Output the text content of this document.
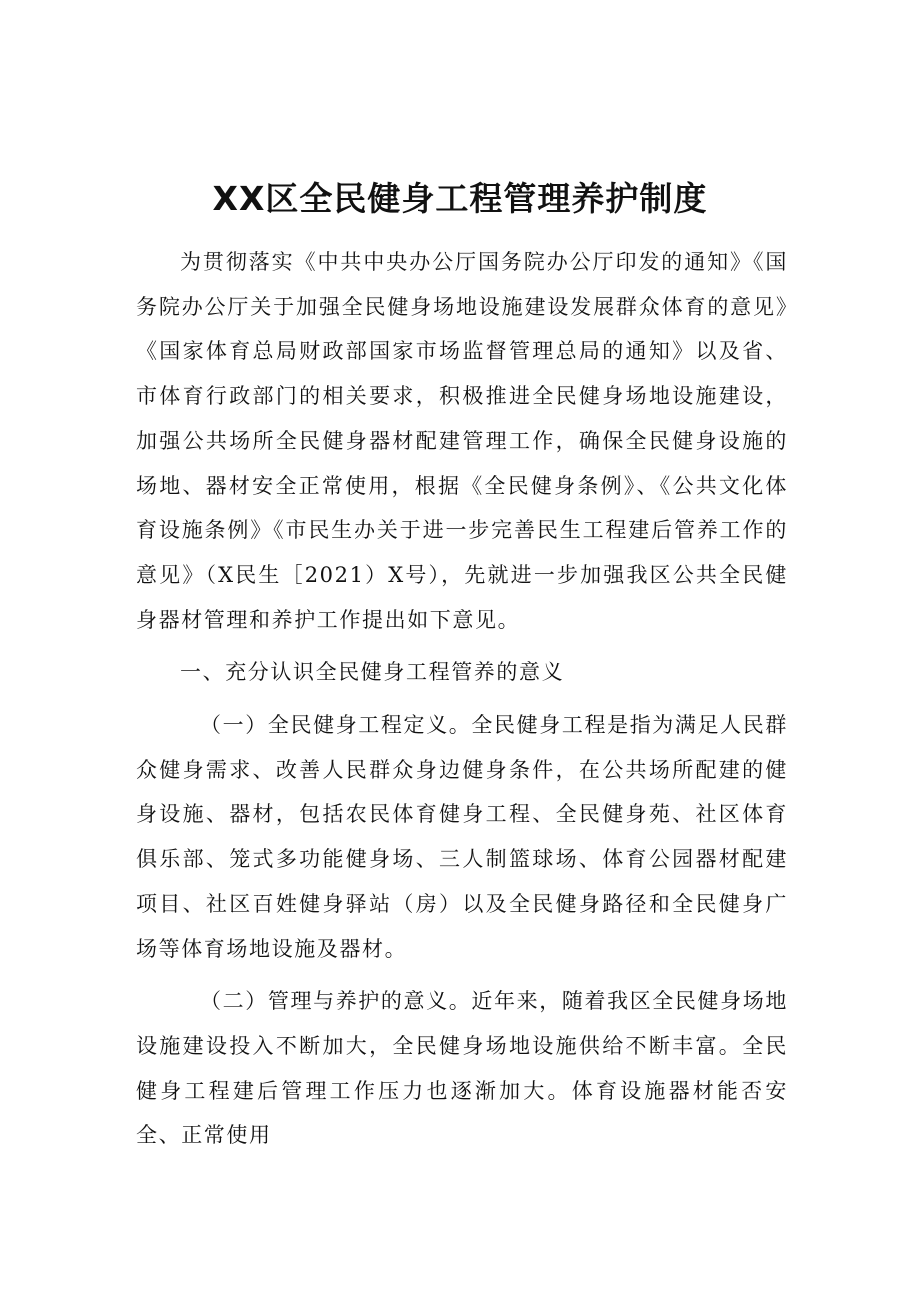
XX区全民健身工程管理养护制度

为贯彻落实《中共中央办公厅国务院办公厅印发的通知》《国务院办公厅关于加强全民健身场地设施建设发展群众体育的意见》《国家体育总局财政部国家市场监督管理总局的通知》以及省、市体育行政部门的相关要求，积极推进全民健身场地设施建设，加强公共场所全民健身器材配建管理工作，确保全民健身设施的场地、器材安全正常使用，根据《全民健身条例》、《公共文化体育设施条例》《市民生办关于进一步完善民生工程建后管养工作的意见》（X民生［2021）X号），先就进一步加强我区公共全民健身器材管理和养护工作提出如下意见。

一、充分认识全民健身工程管养的意义

（一）全民健身工程定义。全民健身工程是指为满足人民群众健身需求、改善人民群众身边健身条件，在公共场所配建的健身设施、器材，包括农民体育健身工程、全民健身苑、社区体育俱乐部、笼式多功能健身场、三人制篮球场、体育公园器材配建项目、社区百姓健身驿站（房）以及全民健身路径和全民健身广场等体育场地设施及器材。

（二）管理与养护的意义。近年来，随着我区全民健身场地设施建设投入不断加大，全民健身场地设施供给不断丰富。全民健身工程建后管理工作压力也逐渐加大。体育设施器材能否安全、正常使用
